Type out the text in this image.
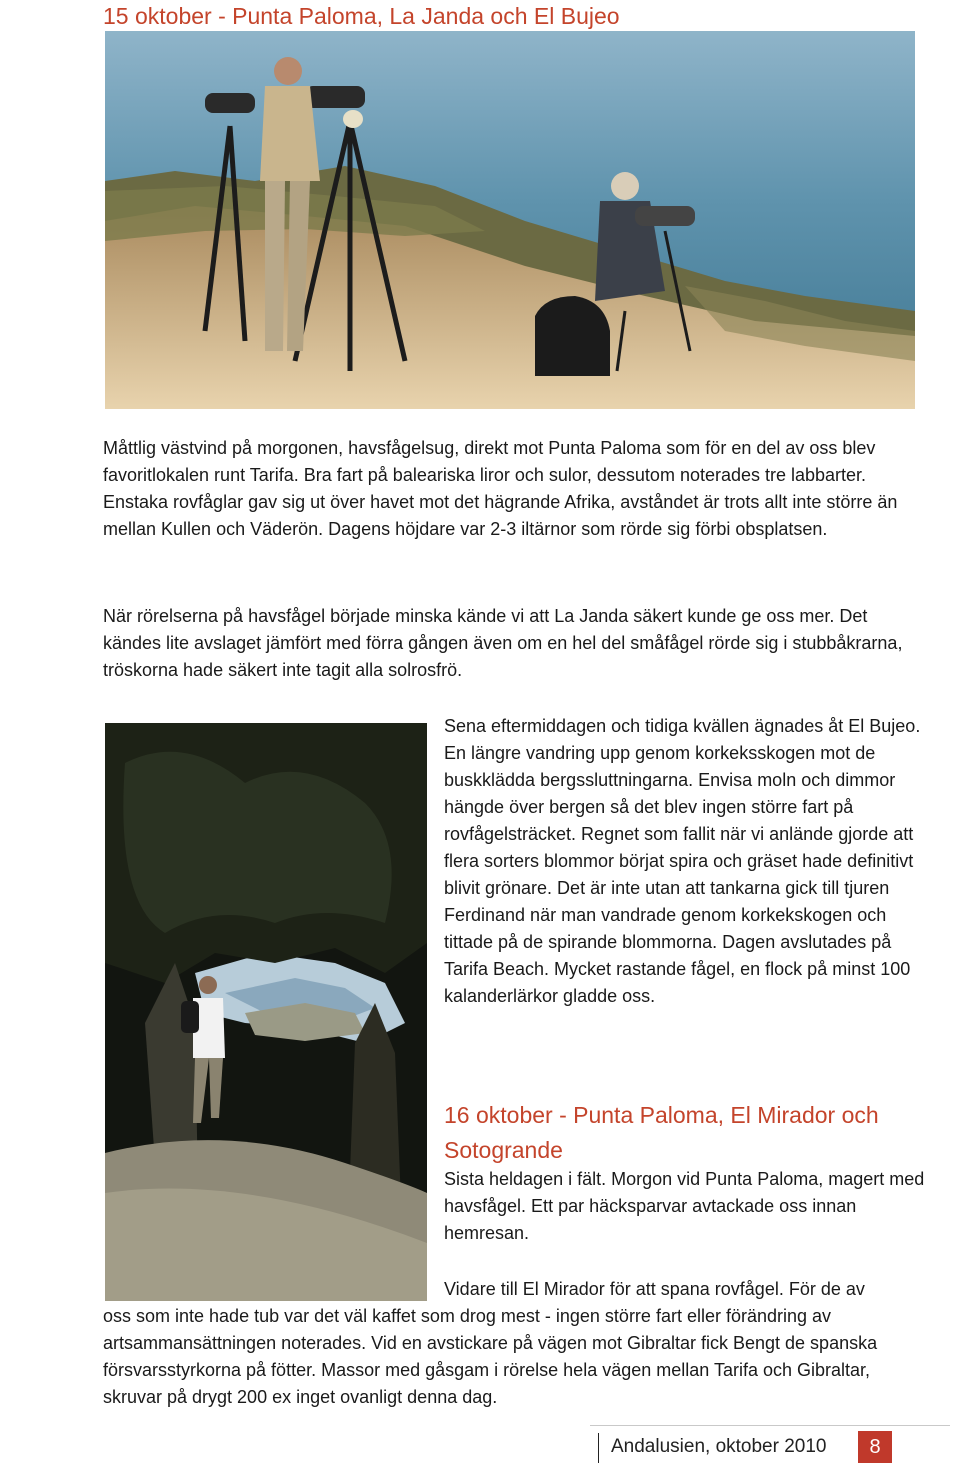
15 oktober - Punta Paloma, La Janda och El Bujeo

Måttlig västvind på morgonen, havsfågelsug, direkt mot Punta Paloma som för en del av oss blev favoritlokalen runt Tarifa. Bra fart på baleariska liror och sulor, dessutom noterades tre labbarter. Enstaka rovfåglar gav sig ut över havet mot det hägrande Afrika, avståndet är trots allt inte större än mellan Kullen och Väderön. Dagens höjdare var 2-3 iltärnor som rörde sig förbi obsplatsen.

När rörelserna på havsfågel började minska kände vi att La Janda säkert kunde ge oss mer. Det kändes lite avslaget jämfört med förra gången även om en hel del småfågel rörde sig i stubbåkrarna, tröskorna hade säkert inte tagit alla solrosfrö.

Sena eftermiddagen och tidiga kvällen ägnades åt El Bujeo. En längre vandring upp genom korkeksskogen mot de buskklädda bergssluttningarna. Envisa moln och dimmor hängde över bergen så det blev ingen större fart på rovfågelsträcket. Regnet som fallit när vi anlände gjorde att flera sorters blommor börjat spira och gräset hade definitivt blivit grönare. Det är inte utan att tankarna gick till tjuren Ferdinand när man vandrade genom korkekskogen och tittade på de spirande blommorna. Dagen avslutades på Tarifa Beach. Mycket rastande fågel, en flock på minst 100 kalanderlärkor gladde oss.

16 oktober - Punta Paloma, El Mirador och
Sotogrande

Sista heldagen i fält. Morgon vid Punta Paloma, magert med havsfågel. Ett par häcksparvar avtackade oss innan hemresan.

Vidare till El Mirador för att spana rovfågel. För de av

oss som inte hade tub var det väl kaffet som drog mest - ingen större fart eller förändring av artsammansättningen noterades. Vid en avstickare på vägen mot Gibraltar fick Bengt de spanska försvarsstyrkorna på fötter. Massor med gåsgam i rörelse hela vägen mellan Tarifa och Gibraltar, skruvar på drygt 200 ex inget ovanligt denna dag.

Andalusien, oktober 2010	8
